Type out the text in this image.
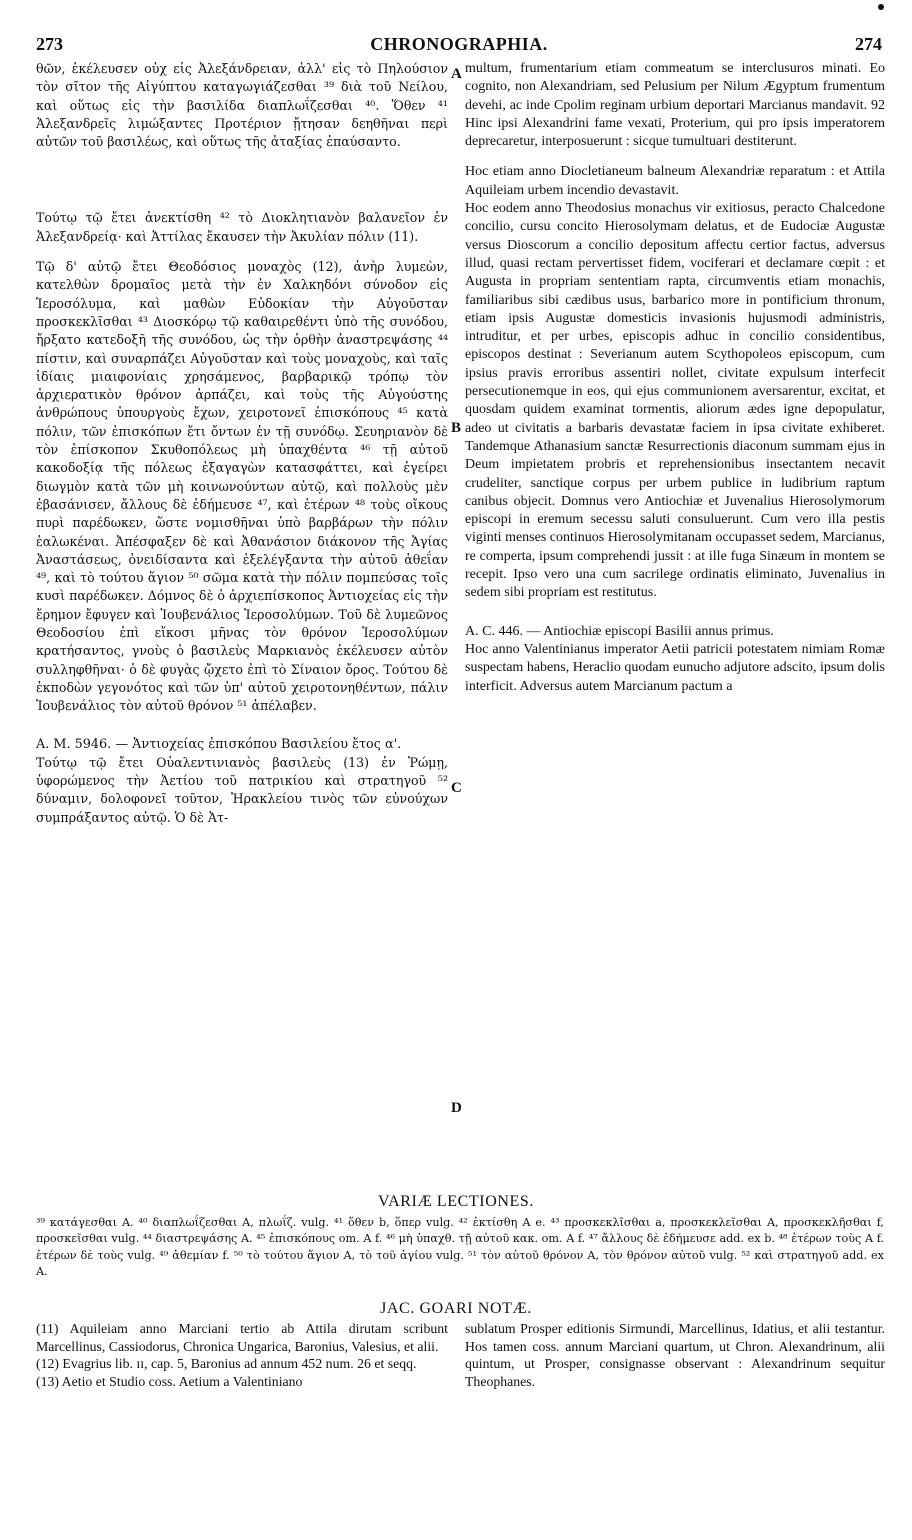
273	CHRONOGRAPHIA.	274
A
B
C
D

θῶν, ἐκέλευσεν οὐχ εἰς Ἀλεξάνδρειαν, ἀλλ' εἰς τὸ Πηλούσιον τὸν σῖτον τῆς Αἰγύπτου καταγωγιάζεσθαι ³⁹ διὰ τοῦ Νείλου, καὶ οὕτως εἰς τὴν βασιλίδα διαπλωΐζεσθαι ⁴⁰. Ὅθεν ⁴¹ Ἀλεξανδρεῖς λιμώξαντες Προτέριον ᾔτησαν δεηθῆναι περὶ αὐτῶν τοῦ βασιλέως, καὶ οὕτως τῆς ἀταξίας ἐπαύσαντο.

Τούτῳ τῷ ἔτει ἀνεκτίσθη ⁴² τὸ Διοκλητιανὸν βαλανεῖον ἐν Ἀλεξανδρείᾳ· καὶ Ἀττίλας ἔκαυσεν τὴν Ἀκυλίαν πόλιν (11).

Τῷ δ' αὐτῷ ἔτει Θεοδόσιος μοναχὸς (12), ἀνὴρ λυμεὼν, κατελθὼν δρομαῖος μετὰ τὴν ἐν Χαλκηδόνι σύνοδον εἰς Ἱεροσόλυμα, καὶ μαθὼν Εὐδοκίαν τὴν Αὐγοῦσταν προσκεκλῖσθαι ⁴³ Διοσκόρῳ τῷ καθαιρεθέντι ὑπὸ τῆς συνόδου, ἤρξατο κατεδοξῆ τῆς συνόδου, ὡς τὴν ὀρθὴν ἀναστρεψάσης ⁴⁴ πίστιν, καὶ συναρπάζει Αὐγοῦσταν καὶ τοὺς μοναχοὺς, καὶ ταῖς ἰδίαις μιαιφονίαις χρησάμενος, βαρβαρικῷ τρόπῳ τὸν ἀρχιερατικὸν θρόνον ἁρπάζει, καὶ τοὺς τῆς Αὐγούστης ἀνθρώπους ὑπουργοὺς ἔχων, χειροτονεῖ ἐπισκόπους ⁴⁵ κατὰ πόλιν, τῶν ἐπισκόπων ἔτι ὄντων ἐν τῇ συνόδῳ. Σευηριανὸν δὲ τὸν ἐπίσκοπον Σκυθοπόλεως μὴ ὑπαχθέντα ⁴⁶ τῇ αὐτοῦ κακοδοξίᾳ τῆς πόλεως ἐξαγαγὼν κατασφάττει, καὶ ἐγείρει διωγμὸν κατὰ τῶν μὴ κοινωνούντων αὐτῷ, καὶ πολλοὺς μὲν ἐβασάνισεν, ἄλλους δὲ ἐδήμευσε ⁴⁷, καὶ ἑτέρων ⁴⁸ τοὺς οἴκους πυρὶ παρέδωκεν, ὥστε νομισθῆναι ὑπὸ βαρβάρων τὴν πόλιν ἑαλωκέναι. Ἀπέσφαξεν δὲ καὶ Ἀθανάσιον διάκονον τῆς Ἁγίας Ἀναστάσεως, ὀνειδίσαντα καὶ ἐξελέγξαντα τὴν αὐτοῦ ἀθεΐαν ⁴⁹, καὶ τὸ τούτου ἅγιον ⁵⁰ σῶμα κατὰ τὴν πόλιν πομπεύσας τοῖς κυσὶ παρέδωκεν. Δόμνος δὲ ὁ ἀρχιεπίσκοπος Ἀντιοχείας εἰς τὴν ἔρημον ἔφυγεν καὶ Ἰουβενάλιος Ἱεροσολύμων. Τοῦ δὲ λυμεῶνος Θεοδοσίου ἐπὶ εἴκοσι μῆνας τὸν θρόνον Ἱεροσολύμων κρατήσαντος, γνοὺς ὁ βασιλεὺς Μαρκιανὸς ἐκέλευσεν αὐτὸν συλληφθῆναι· ὁ δὲ φυγὰς ᾤχετο ἐπὶ τὸ Σίναιον ὄρος. Τούτου δὲ ἐκποδὼν γεγονότος καὶ τῶν ὑπ' αὐτοῦ χειροτονηθέντων, πάλιν Ἰουβενάλιος τὸν αὐτοῦ θρόνον ⁵¹ ἀπέλαβεν.

A. M. 5946. — Ἀντιοχείας ἐπισκόπου Βασιλείου ἔτος α'.

Τούτῳ τῷ ἔτει Οὐαλεντινιανὸς βασιλεὺς (13) ἐν Ῥώμῃ, ὑφορώμενος τὴν Ἀετίου τοῦ πατρικίου καὶ στρατηγοῦ ⁵² δύναμιν, δολοφονεῖ τοῦτον, Ἡρακλείου τινὸς τῶν εὐνούχων συμπράξαντος αὐτῷ. Ὁ δὲ Ἀτ-

multum, frumentarium etiam commeatum se interclusuros minati. Eo cognito, non Alexandriam, sed Pelusium per Nilum Ægyptum frumentum devehi, ac inde Cpolim reginam urbium deportari Marcianus mandavit. 92 Hinc ipsi Alexandrini fame vexati, Proterium, qui pro ipsis imperatorem deprecaretur, interposuerunt : sicque tumultuari destiterunt.

Hoc etiam anno Diocletianeum balneum Alexandriæ reparatum : et Attila Aquileiam urbem incendio devastavit.

Hoc eodem anno Theodosius monachus vir exitiosus, peracto Chalcedone concilio, cursu concito Hierosolymam delatus, et de Eudociæ Augustæ versus Dioscorum a concilio depositum affectu certior factus, adversus illud, quasi rectam pervertisset fidem, vociferari et declamare cœpit : et Augusta in propriam sententiam rapta, circumventis etiam monachis, familiaribus sibi cædibus usus, barbarico more in pontificium thronum, etiam ipsis Augustæ domesticis invasionis hujusmodi administris, intruditur, et per urbes, episcopis adhuc in concilio considentibus, episcopos destinat : Severianum autem Scythopoleos episcopum, cum ipsius pravis erroribus assentiri nollet, civitate expulsum interfecit persecutionemque in eos, qui ejus communionem aversarentur, excitat, et quosdam quidem examinat tormentis, aliorum ædes igne depopulatur, adeo ut civitatis a barbaris devastatæ faciem in ipsa civitate exhiberet. Tandemque Athanasium sanctæ Resurrectionis diaconum summam ejus in Deum impietatem probris et reprehensionibus insectantem necavit crudeliter, sanctique corpus per urbem publice in ludibrium raptum canibus objecit. Domnus vero Antiochiæ et Juvenalius Hierosolymorum episcopi in eremum secessu saluti consuluerunt. Cum vero illa pestis viginti menses continuos Hierosolymitanam occupasset sedem, Marcianus, re comperta, ipsum comprehendi jussit : at ille fuga Sinæum in montem se recepit. Ipso vero una cum sacrilege ordinatis eliminato, Juvenalius in sedem sibi propriam est restitutus.

A. C. 446. — Antiochiæ episcopi Basilii annus primus.

Hoc anno Valentinianus imperator Aetii patricii potestatem nimiam Romæ suspectam habens, Heraclio quodam eunucho adjutore adscito, ipsum dolis interficit. Adversus autem Marcianum pactum a

VARIÆ LECTIONES.

³⁹ κατάγεσθαι A. ⁴⁰ διαπλωΐζεσθαι A, πλωΐζ. vulg. ⁴¹ ὅθεν b, ὅπερ vulg. ⁴² ἐκτίσθη A e. ⁴³ προσκεκλῖσθαι a, προσκεκλεῖσθαι A, προσκεκλῆσθαι f, προσκεῖσθαι vulg. ⁴⁴ διαστρεψάσης A. ⁴⁵ ἐπισκόπους om. A f. ⁴⁶ μὴ ὑπαχθ. τῇ αὐτοῦ κακ. om. A f. ⁴⁷ ἄλλους δὲ ἐδήμευσε add. ex b. ⁴⁸ ἑτέρων τοὺς A f. ἑτέρων δὲ τοὺς vulg. ⁴⁹ ἀθεμίαν f. ⁵⁰ τὸ τούτου ἅγιον A, τὸ τοῦ ἁγίου vulg. ⁵¹ τὸν αὐτοῦ θρόνον A, τὸν θρόνον αὐτοῦ vulg. ⁵² καὶ στρατηγοῦ add. ex A.

JAC. GOARI NOTÆ.

(11) Aquileiam anno Marciani tertio ab Attila dirutam scribunt Marcellinus, Cassiodorus, Chronica Ungarica, Baronius, Valesius, et alii.

(12) Evagrius lib. ɪɪ, cap. 5, Baronius ad annum 452 num. 26 et seqq.

(13) Aetio et Studio coss. Aetium a Valentiniano

sublatum Prosper editionis Sirmundi, Marcellinus, Idatius, et alii testantur. Hos tamen coss. annum Marciani quartum, ut Chron. Alexandrinum, alii quintum, ut Prosper, consignasse observant : Alexandrinum sequitur Theophanes.
